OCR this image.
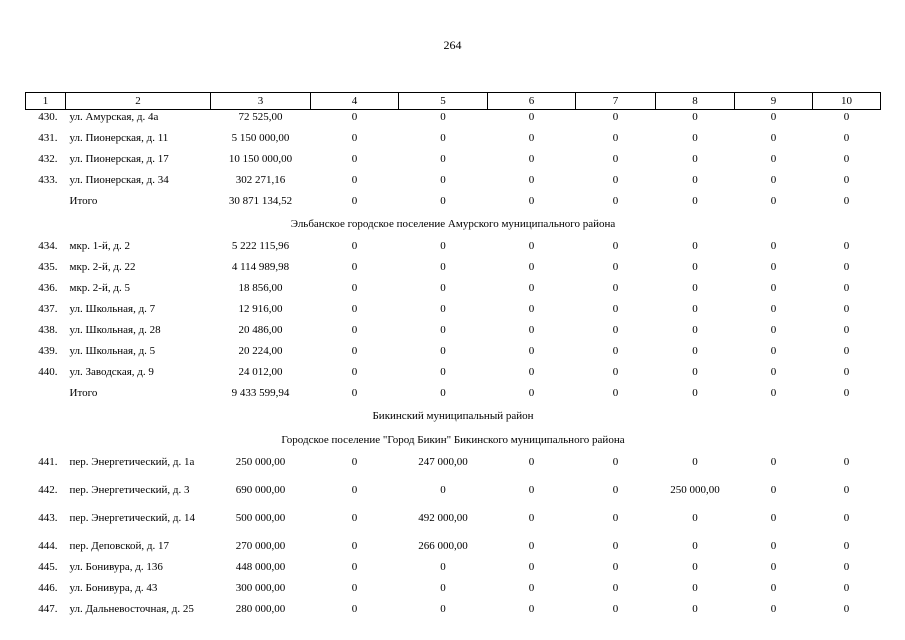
264
1	2	3	4	5	6	7	8	9	10
430.	ул. Амурская, д. 4а	72 525,00	0	0	0	0	0	0	0
431.	ул. Пионерская, д. 11	5 150 000,00	0	0	0	0	0	0	0
432.	ул. Пионерская, д. 17	10 150 000,00	0	0	0	0	0	0	0
433.	ул. Пионерская, д. 34	302 271,16	0	0	0	0	0	0	0
	Итого	30 871 134,52	0	0	0	0	0	0	0
Эльбанское городское поселение Амурского муниципального района									
434.	мкр. 1-й, д. 2	5 222 115,96	0	0	0	0	0	0	0
435.	мкр. 2-й, д. 22	4 114 989,98	0	0	0	0	0	0	0
436.	мкр. 2-й, д. 5	18 856,00	0	0	0	0	0	0	0
437.	ул. Школьная, д. 7	12 916,00	0	0	0	0	0	0	0
438.	ул. Школьная, д. 28	20 486,00	0	0	0	0	0	0	0
439.	ул. Школьная, д. 5	20 224,00	0	0	0	0	0	0	0
440.	ул. Заводская, д. 9	24 012,00	0	0	0	0	0	0	0
	Итого	9 433 599,94	0	0	0	0	0	0	0
Бикинский муниципальный район									
Городское поселение "Город Бикин" Бикинского муниципального района									
441.	пер. Энергетический, д. 1а	250 000,00	0	247 000,00	0	0	0	0	0
442.	пер. Энергетический, д. 3	690 000,00	0	0	0	0	250 000,00	0	0
443.	пер. Энергетический, д. 14	500 000,00	0	492 000,00	0	0	0	0	0
444.	пер. Деповской, д. 17	270 000,00	0	266 000,00	0	0	0	0	0
445.	ул. Бонивура, д. 136	448 000,00	0	0	0	0	0	0	0
446.	ул. Бонивура, д. 43	300 000,00	0	0	0	0	0	0	0
447.	ул. Дальневосточная, д. 25	280 000,00	0	0	0	0	0	0	0
